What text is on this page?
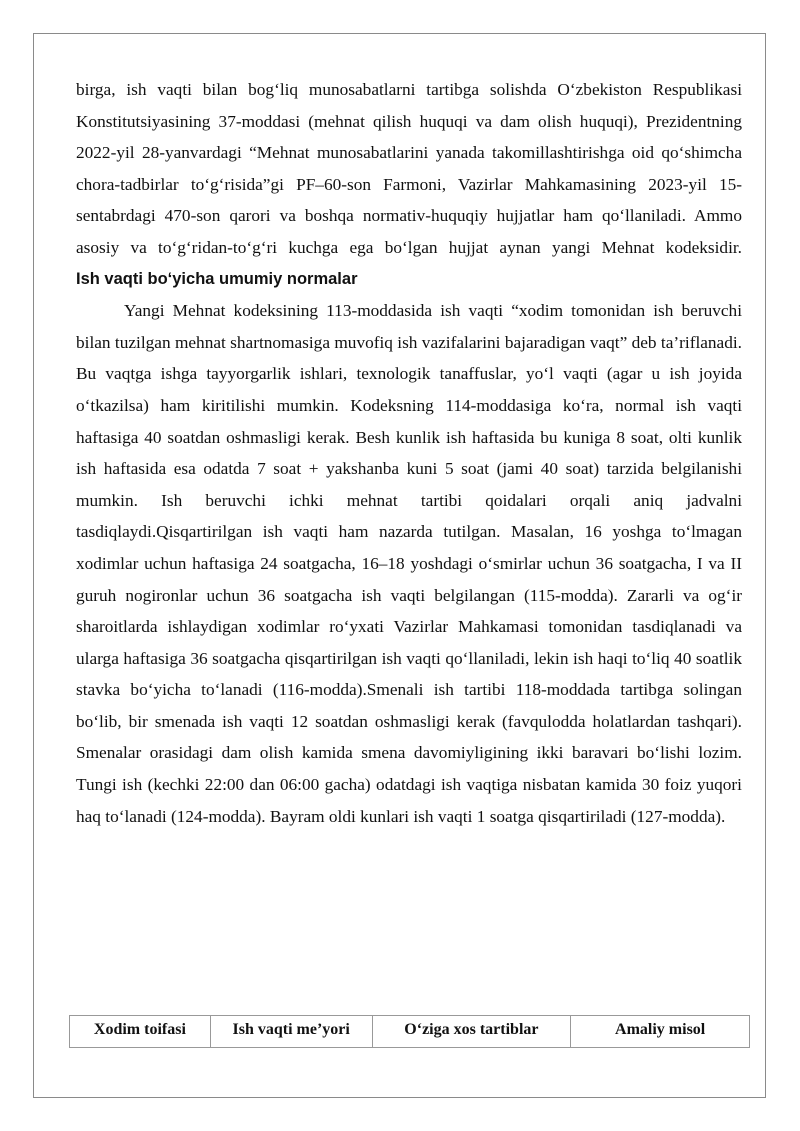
birga, ish vaqti bilan bog‘liq munosabatlarni tartibga solishda O‘zbekiston Respublikasi Konstitutsiyasining 37-moddasi (mehnat qilish huquqi va dam olish huquqi), Prezidentning 2022-yil 28-yanvardagi “Mehnat munosabatlarini yanada takomillashtirishga oid qo‘shimcha chora-tadbirlar to‘g‘risida”gi PF–60-son Farmoni, Vazirlar Mahkamasining 2023-yil 15-sentabrdagi 470-son qarori va boshqa normativ-huquqiy hujjatlar ham qo‘llaniladi. Ammo asosiy va to‘g‘ridan-to‘g‘ri kuchga ega bo‘lgan hujjat aynan yangi Mehnat kodeksidir.

Ish vaqti bo‘yicha umumiy normalar

Yangi Mehnat kodeksining 113-moddasida ish vaqti “xodim tomonidan ish beruvchi bilan tuzilgan mehnat shartnomasiga muvofiq ish vazifalarini bajaradigan vaqt” deb ta’riflanadi. Bu vaqtga ishga tayyorgarlik ishlari, texnologik tanaffuslar, yo‘l vaqti (agar u ish joyida o‘tkazilsa) ham kiritilishi mumkin. Kodeksning 114-moddasiga ko‘ra, normal ish vaqti haftasiga 40 soatdan oshmasligi kerak. Besh kunlik ish haftasida bu kuniga 8 soat, olti kunlik ish haftasida esa odatda 7 soat + yakshanba kuni 5 soat (jami 40 soat) tarzida belgilanishi mumkin. Ish beruvchi ichki mehnat tartibi qoidalari orqali aniq jadvalni tasdiqlaydi.Qisqartirilgan ish vaqti ham nazarda tutilgan. Masalan, 16 yoshga to‘lmagan xodimlar uchun haftasiga 24 soatgacha, 16–18 yoshdagi o‘smirlar uchun 36 soatgacha, I va II guruh nogironlar uchun 36 soatgacha ish vaqti belgilangan (115-modda). Zararli va og‘ir sharoitlarda ishlaydigan xodimlar ro‘yxati Vazirlar Mahkamasi tomonidan tasdiqlanadi va ularga haftasiga 36 soatgacha qisqartirilgan ish vaqti qo‘llaniladi, lekin ish haqi to‘liq 40 soatlik stavka bo‘yicha to‘lanadi (116-modda).Smenali ish tartibi 118-moddada tartibga solingan bo‘lib, bir smenada ish vaqti 12 soatdan oshmasligi kerak (favqulodda holatlardan tashqari). Smenalar orasidagi dam olish kamida smena davomiyligining ikki baravari bo‘lishi lozim. Tungi ish (kechki 22:00 dan 06:00 gacha) odatdagi ish vaqtiga nisbatan kamida 30 foiz yuqori haq to‘lanadi (124-modda). Bayram oldi kunlari ish vaqti 1 soatga qisqartiriladi (127-modda).

Xodim toifasi	Ish vaqti me’yori	O‘ziga xos tartiblar	Amaliy misol
